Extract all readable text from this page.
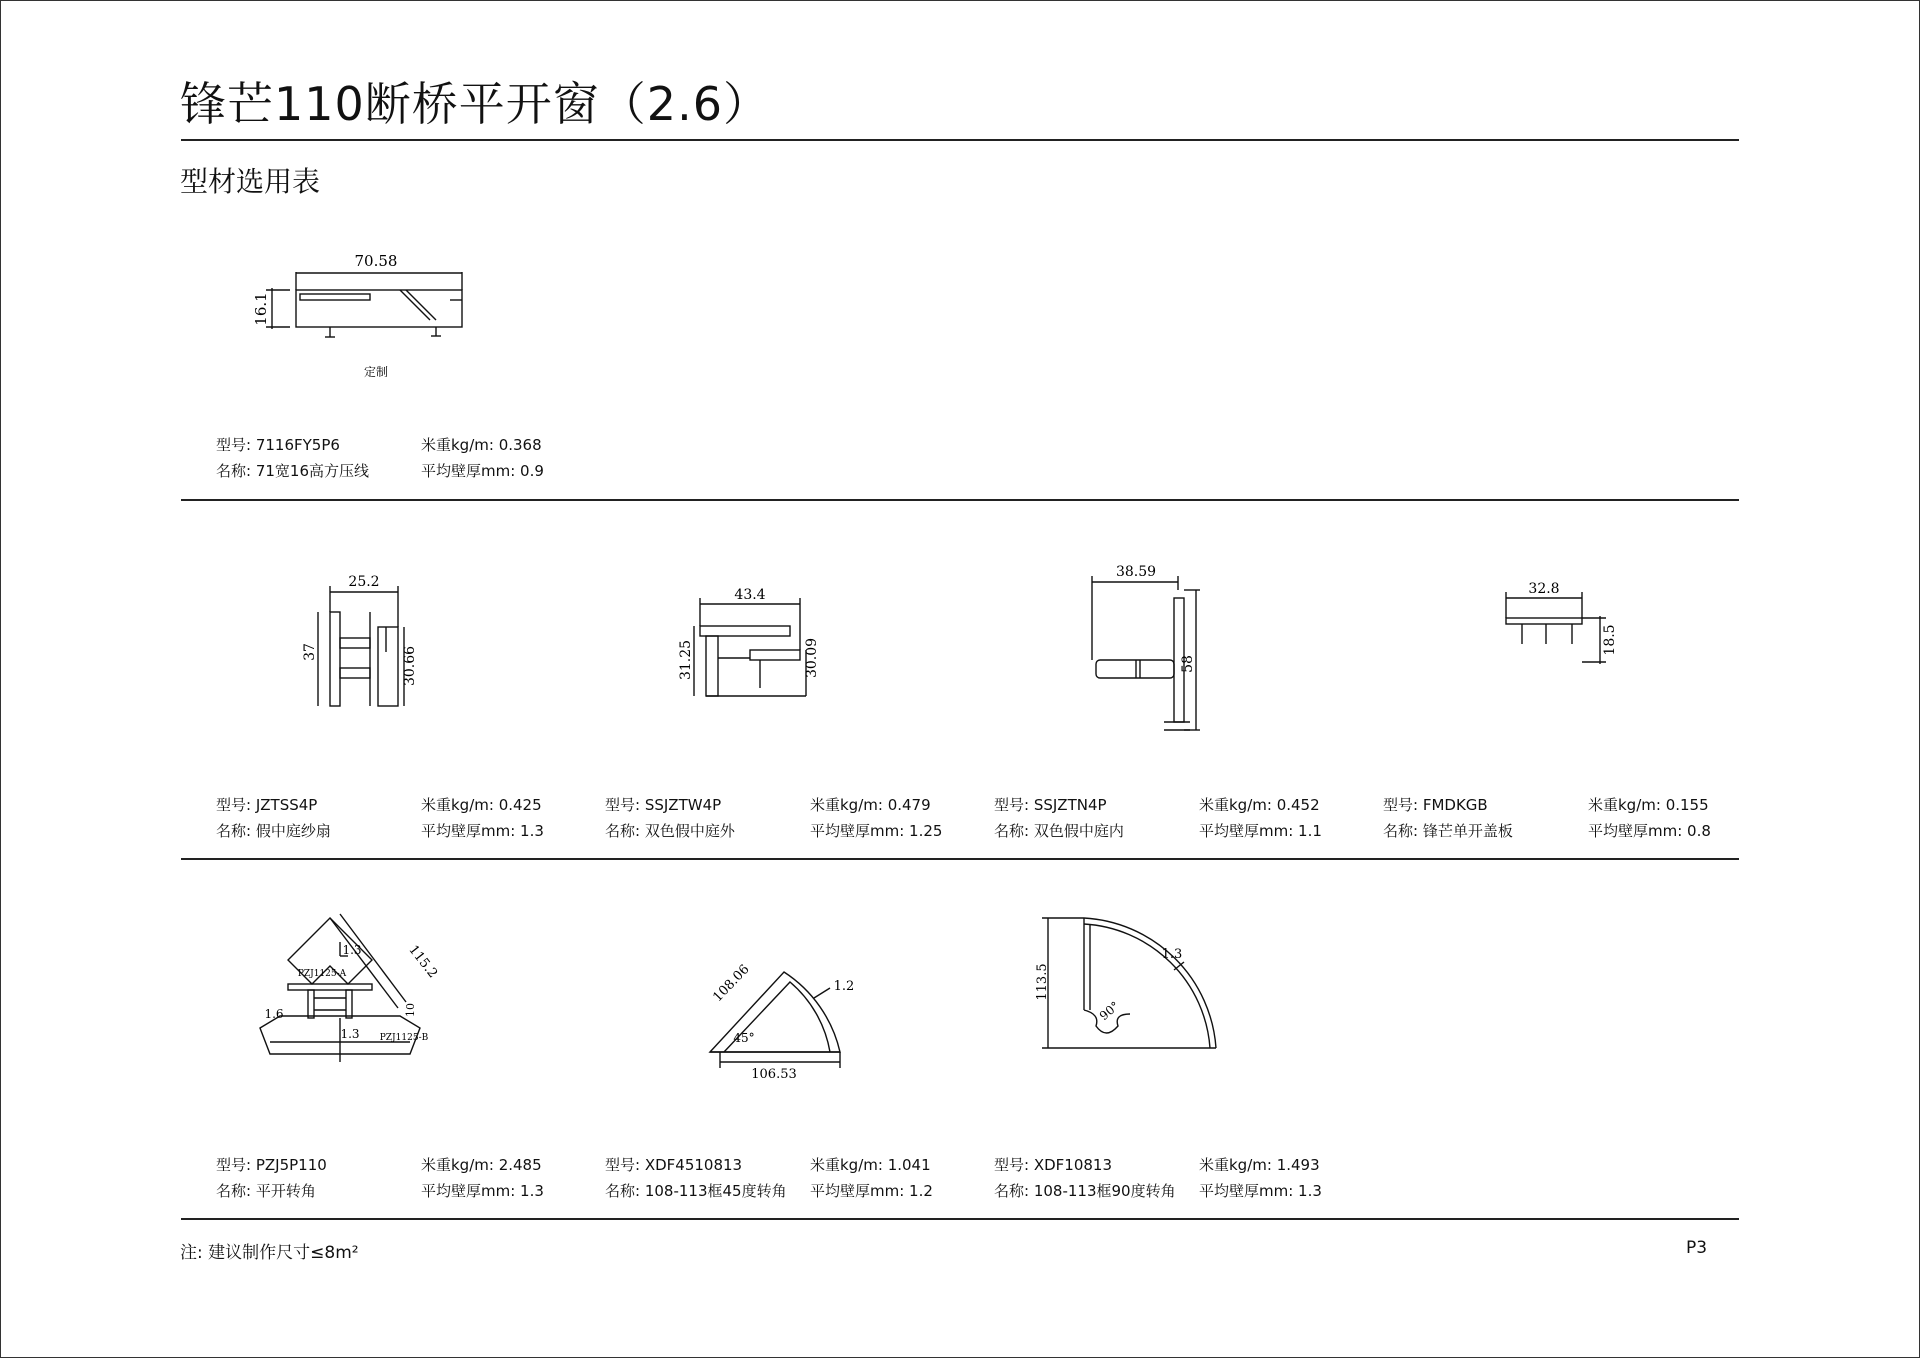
锋芒110断桥平开窗（2.6）
型材选用表
70.58
16.1
定制
型号: 7116FY5P6	米重kg/m: 0.368
名称: 71宽16高方压线	平均壁厚mm: 0.9
25.2
37	30.66
43.4
31.25	30.09
38.59
58
32.8
18.5
型号: JZTSS4P	米重kg/m: 0.425
名称: 假中庭纱扇	平均壁厚mm: 1.3
型号: SSJZTW4P	米重kg/m: 0.479
名称: 双色假中庭外	平均壁厚mm: 1.25
型号: SSJZTN4P	米重kg/m: 0.452
名称: 双色假中庭内	平均壁厚mm: 1.1
型号: FMDKGB	米重kg/m: 0.155
名称: 锋芒单开盖板	平均壁厚mm: 0.8
1.3	115.2
PZJ1125-A
1.6	10
1.3 PZJ1125-B
108.06	1.2
45°
106.53
113.5
1.3
90°
型号: PZJ5P110	米重kg/m: 2.485
名称: 平开转角	平均壁厚mm: 1.3
型号: XDF4510813	米重kg/m: 1.041
名称: 108-113框45度转角	平均壁厚mm: 1.2
型号: XDF10813	米重kg/m: 1.493
名称: 108-113框90度转角	平均壁厚mm: 1.3
注: 建议制作尺寸≤8m²	P3
